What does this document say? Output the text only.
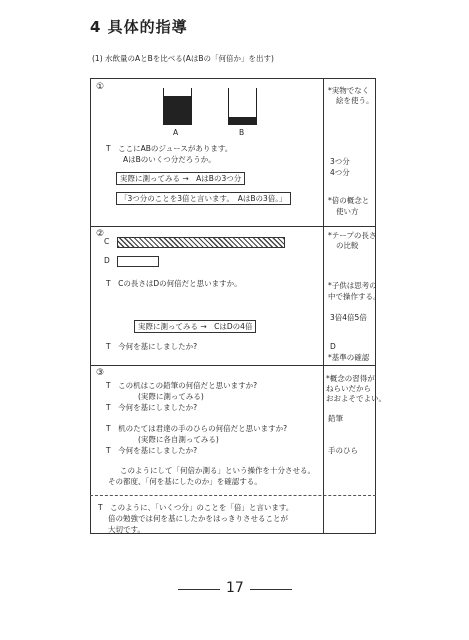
4 具体的指導
(1) 水飲量のAとBを比べる(AはBの「何倍か」を出す)
①
A	B
T　ここにABのジュースがあります。
AはBのいくつ分だろうか。
実際に測ってみる →　AはBの3つ分
「3つ分のことを3倍と言います。　AはBの3倍。」
*実物でなく
絵を使う。
3つ分
4つ分
*倍の概念と
使い方
②
C
D
T　Cの長さはDの何倍だと思いますか。
実際に測ってみる →　CはDの4倍
T　今何を基にしましたか?
*テープの長さ
の比較
*子供は思考の
中で操作する。
3倍4倍5倍
D
*基準の確認
③
T　この机はこの鉛筆の何倍だと思いますか?
(実際に測ってみる)
T　今何を基にしましたか?
T　机のたては君達の手のひらの何倍だと思いますか?
(実際に各自測ってみる)
T　今何を基にしましたか?
このようにして「何倍か測る」という操作を十分させる。
その都度、「何を基にしたのか」を確認する。
*概念の習得が
ねらいだから
おおよそでよい。
鉛筆
手のひら
T　このように、「いくつ分」のことを「倍」と言います。
倍の勉強では何を基にしたかをはっきりさせることが
大切です。
17
